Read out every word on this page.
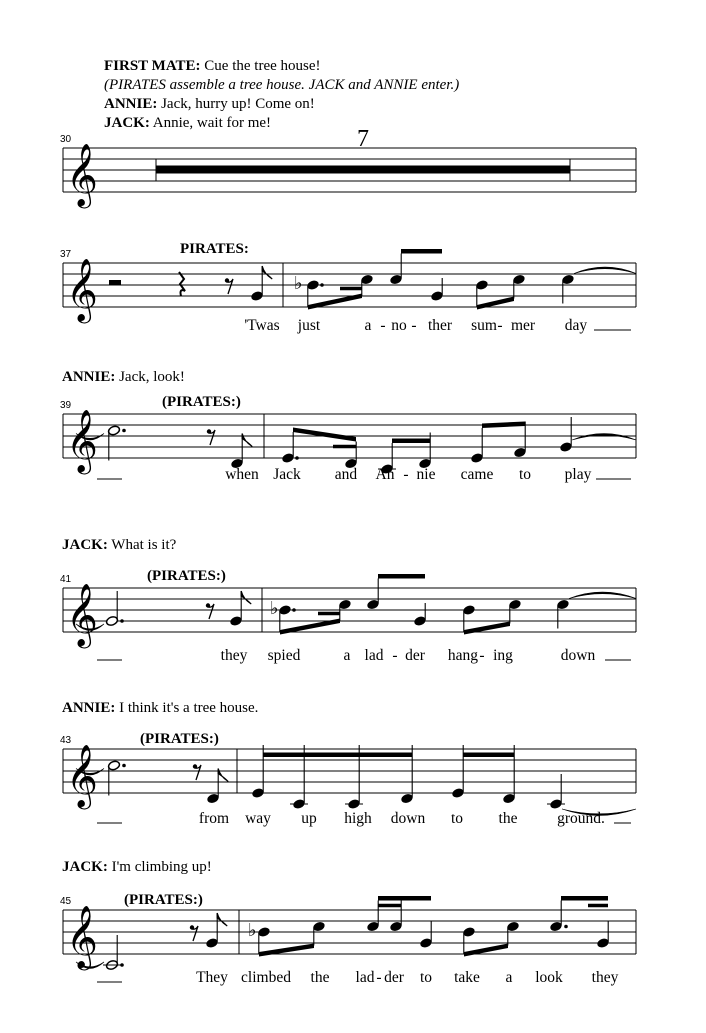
FIRST MATE: Cue the tree house!
(PIRATES assemble a tree house. JACK and ANNIE enter.)
ANNIE: Jack, hurry up! Come on!
JACK: Annie, wait for me!
ANNIE: Jack, look!
JACK: What is it?
ANNIE: I think it's a tree house.
JACK: I'm climbing up!
30
𝄞
7
37
𝄞
PIRATES:
♭
'Twas just	a - no - ther sum - mer day
39
𝄞
(PIRATES:)
when Jack and An - nie came to play
41
𝄞
(PIRATES:)
♭
they spied	a lad - der hang - ing	down
43
𝄞
(PIRATES:)
from way up high down to the	ground.
45
𝄞
(PIRATES:)
♭
They climbed the lad - der to take a look they
